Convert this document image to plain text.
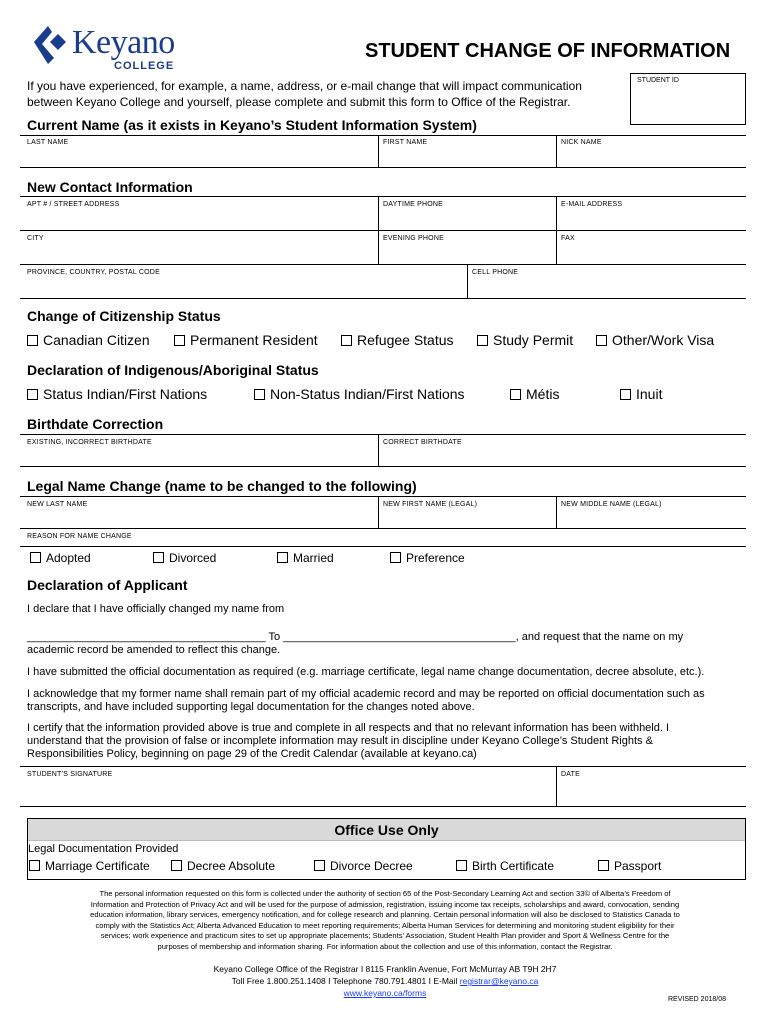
Keyano
COLLEGE
STUDENT CHANGE OF INFORMATION
If you have experienced, for example, a name, address, or e-mail change that will impact communication
between Keyano College and yourself, please complete and submit this form to Office of the Registrar.
STUDENT ID
Current Name (as it exists in Keyano’s Student Information System)
LAST NAME	FIRST NAME	NICK NAME
New Contact Information
APT # / STREET ADDRESS	DAYTIME PHONE	E-MAIL ADDRESS
CITY	EVENING PHONE	FAX
PROVINCE, COUNTRY, POSTAL CODE	CELL PHONE
Change of Citizenship Status
Canadian Citizen	Permanent Resident	Refugee Status	Study Permit	Other/Work Visa
Declaration of Indigenous/Aboriginal Status
Status Indian/First Nations	Non-Status Indian/First Nations	Métis	Inuit
Birthdate Correction
EXISTING, INCORRECT BIRTHDATE	CORRECT BIRTHDATE
Legal Name Change (name to be changed to the following)
NEW LAST NAME	NEW FIRST NAME (LEGAL)	NEW MIDDLE NAME (LEGAL)
REASON FOR NAME CHANGE
Adopted	Divorced	Married	Preference
Declaration of Applicant
I declare that I have officially changed my name from
_______________________________________ To ______________________________________, and request that the name on my
academic record be amended to reflect this change.
I have submitted the official documentation as required (e.g. marriage certificate, legal name change documentation, decree absolute, etc.).
I acknowledge that my former name shall remain part of my official academic record and may be reported on official documentation such as
transcripts, and have included supporting legal documentation for the changes noted above.
I certify that the information provided above is true and complete in all respects and that no relevant information has been withheld. I
understand that the provision of false or incomplete information may result in discipline under Keyano College’s Student Rights &
Responsibilities Policy, beginning on page 29 of the Credit Calendar (available at keyano.ca)
STUDENT’S SIGNATURE	DATE
Office Use Only
Legal Documentation Provided
Marriage Certificate	Decree Absolute	Divorce Decree	Birth Certificate	Passport
The personal information requested on this form is collected under the authority of section 65 of the Post-Secondary Learning Act and section 33© of Alberta’s Freedom of
Information and Protection of Privacy Act and will be used for the purpose of admission, registration, issuing income tax receipts, scholarships and award, convocation, sending
education information, library services, emergency notification, and for college research and planning. Certain personal information will also be disclosed to Statistics Canada to
comply with the Statistics Act; Alberta Advanced Education to meet reporting requirements; Alberta Human Services for determining and monitoring student eligibility for their
services; work experience and practicum sites to set up appropriate placements; Students’ Association, Student Health Plan provider and Sport & Wellness Centre for the
purposes of membership and information sharing. For information about the collection and use of this information, contact the Registrar.
Keyano College Office of the Registrar I 8115 Franklin Avenue, Fort McMurray AB T9H 2H7
Toll Free 1.800.251.1408 I Telephone 780.791.4801 I E-Mail registrar@keyano.ca
www.keyano.ca/forms
REVISED 2018/08
